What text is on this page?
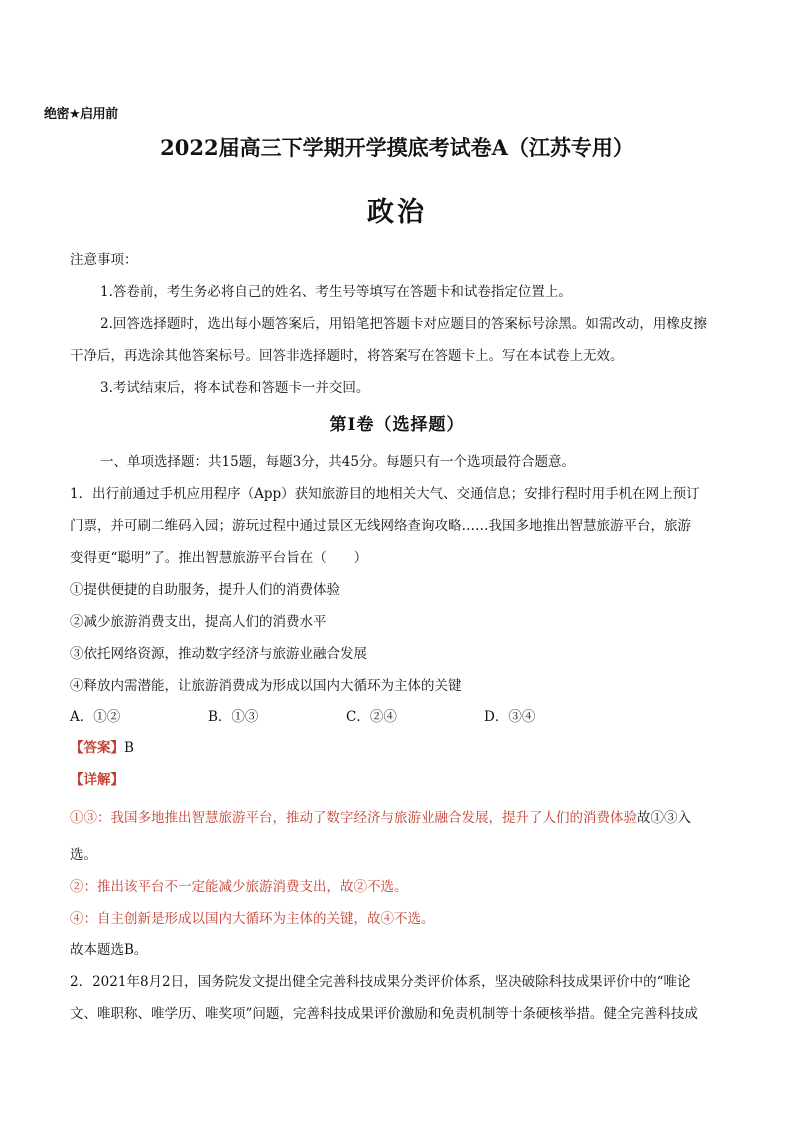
绝密★启用前
2022届高三下学期开学摸底考试卷A（江苏专用）
政治
注意事项：
1.答卷前，考生务必将自己的姓名、考生号等填写在答题卡和试卷指定位置上。
2.回答选择题时，选出每小题答案后，用铅笔把答题卡对应题目的答案标号涂黑。如需改动，用橡皮擦
干净后，再选涂其他答案标号。回答非选择题时，将答案写在答题卡上。写在本试卷上无效。
3.考试结束后，将本试卷和答题卡一并交回。
第Ⅰ卷（选择题）
一、单项选择题：共15题，每题3分，共45分。每题只有一个选项最符合题意。
1．出行前通过手机应用程序（App）获知旅游目的地相关大气、交通信息；安排行程时用手机在网上预订
门票，并可刷二维码入园；游玩过程中通过景区无线网络查询攻略……我国多地推出智慧旅游平台，旅游
变得更“聪明”了。推出智慧旅游平台旨在（　　）
①提供便捷的自助服务，提升人们的消费体验
②减少旅游消费支出，提高人们的消费水平
③依托网络资源，推动数字经济与旅游业融合发展
④释放内需潜能，让旅游消费成为形成以国内大循环为主体的关键
A．①②	B．①③	C．②④	D．③④
【答案】B
【详解】
①③：我国多地推出智慧旅游平台，推动了数字经济与旅游业融合发展，提升了人们的消费体验故①③入
选。
②：推出该平台不一定能减少旅游消费支出，故②不选。
④：自主创新是形成以国内大循环为主体的关键，故④不选。
故本题选B。
2．2021年8月2日，国务院发文提出健全完善科技成果分类评价体系，坚决破除科技成果评价中的“唯论
文、唯职称、唯学历、唯奖项”问题，完善科技成果评价激励和免责机制等十条硬核举措。健全完善科技成
